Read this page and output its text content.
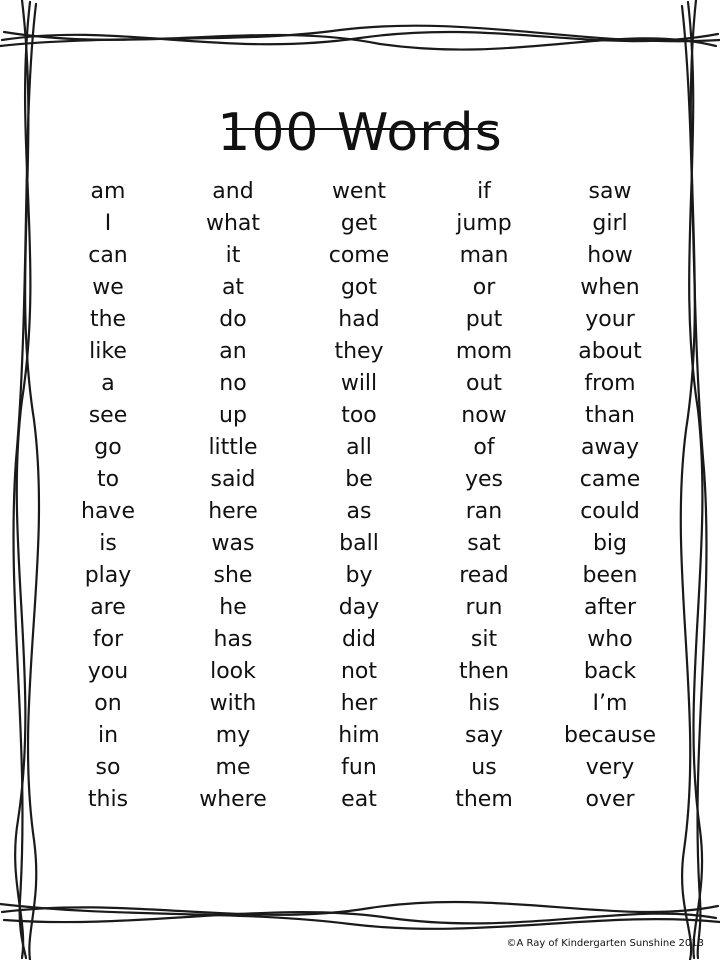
100 Words
am
I
can
we
the
like
a
see
go
to
have
is
play
are
for
you
on
in
so
this
and
what
it
at
do
an
no
up
little
said
here
was
she
he
has
look
with
my
me
where
went
get
come
got
had
they
will
too
all
be
as
ball
by
day
did
not
her
him
fun
eat
if
jump
man
or
put
mom
out
now
of
yes
ran
sat
read
run
sit
then
his
say
us
them
saw
girl
how
when
your
about
from
than
away
came
could
big
been
after
who
back
I’m
because
very
over
©A Ray of Kindergarten Sunshine 2013
